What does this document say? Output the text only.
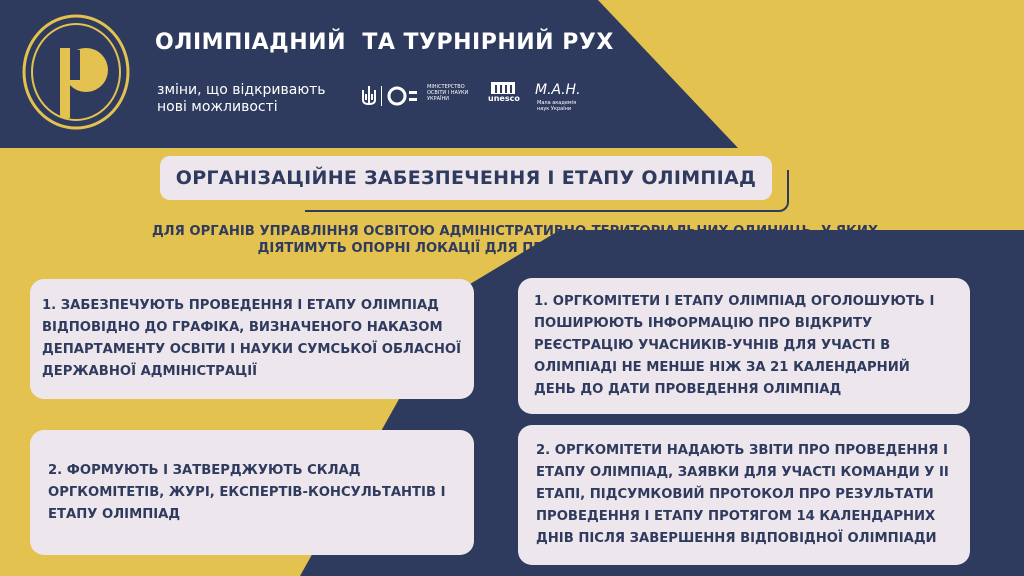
ОЛІМПІАДНИЙ  ТА ТУРНІРНИЙ РУХ
зміни, що відкривають
нові можливості
МІНІСТЕРСТВО
ОСВІТИ І НАУКИ
УКРАЇНИ	unesco
М.А.Н.
Мала академія
наук України
ОРГАНІЗАЦІЙНЕ ЗАБЕЗПЕЧЕННЯ І ЕТАПУ ОЛІМПІАД
ДЛЯ ОРГАНІВ УПРАВЛІННЯ ОСВІТОЮ АДМІНІСТРАТИВНО-ТЕРИТОРІАЛЬНИХ ОДИНИЦЬ, У ЯКИХ
ДІЯТИМУТЬ ОПОРНІ ЛОКАЦІЇ ДЛЯ ПРОВЕДЕННЯ І ЕТАПУ ОЛІМПІАД
1. ЗАБЕЗПЕЧУЮТЬ ПРОВЕДЕННЯ І ЕТАПУ ОЛІМПІАД ВІДПОВІДНО ДО ГРАФІКА, ВИЗНАЧЕНОГО НАКАЗОМ ДЕПАРТАМЕНТУ ОСВІТИ І НАУКИ СУМСЬКОЇ ОБЛАСНОЇ ДЕРЖАВНОЇ АДМІНІСТРАЦІЇ
2. ФОРМУЮТЬ І ЗАТВЕРДЖУЮТЬ СКЛАД ОРГКОМІТЕТІВ, ЖУРІ, ЕКСПЕРТІВ-КОНСУЛЬТАНТІВ І ЕТАПУ ОЛІМПІАД
1. ОРГКОМІТЕТИ І ЕТАПУ ОЛІМПІАД ОГОЛОШУЮТЬ І ПОШИРЮЮТЬ ІНФОРМАЦІЮ ПРО ВІДКРИТУ РЕЄСТРАЦІЮ УЧАСНИКІВ-УЧНІВ ДЛЯ УЧАСТІ В ОЛІМПІАДІ НЕ МЕНШЕ НІЖ ЗА 21 КАЛЕНДАРНИЙ ДЕНЬ ДО ДАТИ ПРОВЕДЕННЯ ОЛІМПІАД
2. ОРГКОМІТЕТИ НАДАЮТЬ ЗВІТИ ПРО ПРОВЕДЕННЯ І ЕТАПУ ОЛІМПІАД, ЗАЯВКИ ДЛЯ УЧАСТІ КОМАНДИ У ІІ ЕТАПІ, ПІДСУМКОВИЙ ПРОТОКОЛ ПРО РЕЗУЛЬТАТИ ПРОВЕДЕННЯ І ЕТАПУ ПРОТЯГОМ 14 КАЛЕНДАРНИХ ДНІВ ПІСЛЯ ЗАВЕРШЕННЯ ВІДПОВІДНОЇ ОЛІМПІАДИ
